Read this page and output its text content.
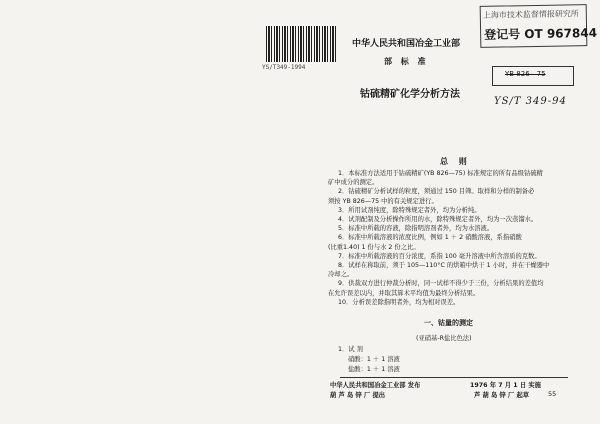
YS/T349-1994
上海市技术监督情报研究所
登记号 OT 967844
中华人民共和国冶金工业部
部 标 准
YB 826—75
YS/T 349-94
钴硫精矿化学分析方法
总 则
1．本标准方法适用于钴硫精矿(YB 826—75) 标准规定的所有品级钴硫精
矿中成分的测定。
2．钴硫精矿分析试样的粒度，须通过 150 目筛。取样和分样的制备必
须按 YB 826—75 中的有关规定进行。
3．所用试剂纯度，除特殊规定者外，均为分析纯。
4．试剂配制及分析操作所用的水，除特殊规定者外，均为一次蒸馏水。
5．标准中所载的容液，除指明溶剂者外，均为水溶液。
6．标准中所载溶液的浓度比例，例如 1 ＋ 2 硝酸溶液，系指硝酸
(比重1.40) 1 份与水 2 份之比。
7．标准中所载溶液的百分浓度，系指 100 毫升溶液中所含溶质的克数。
8．试样在称取前，须于 105—110°C 的烘箱中烘干 1 小时，并在干燥器中
冷却之。
一、钴量的测定
(亚硝基-R盐比色法)
1．试 剂
硝酸：1 ＋ 1 溶液
盐酸：1 ＋ 1 溶液
中华人民共和国冶金工业部 发布
葫 芦 岛 锌 厂 提出
1976 年 7 月 1 日 实施
芦 葫 岛 锌 厂 起草	55
9．供裁双方进行仲裁分析时，同一试样不得少于三份，分析结果的差值均
在允许误差以内，并取其算术平均值为最终分析结果。
10．分析误差除指明者外，均为相对误差。
